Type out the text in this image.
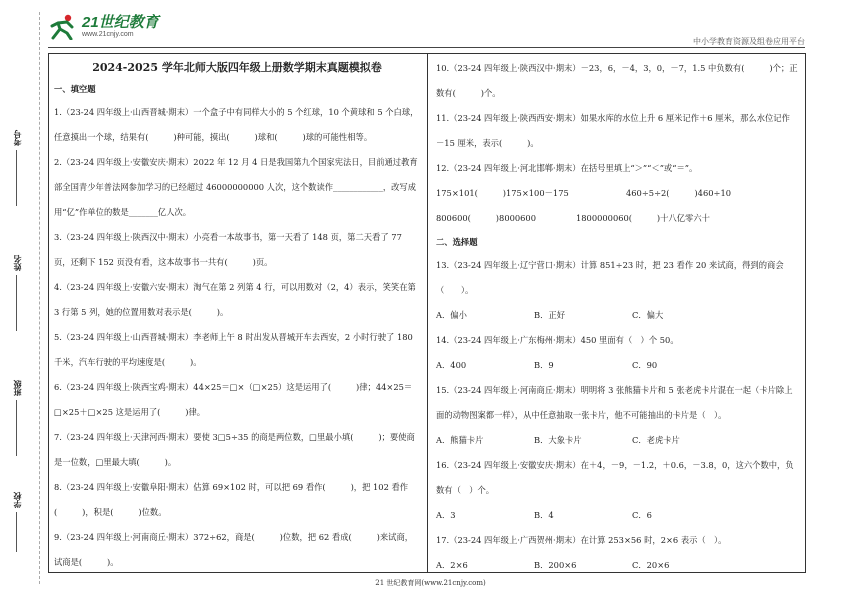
21世纪教育
www.21cnjy.com
中小学教育资源及组卷应用平台
考号
姓名
班级
学校
2024-2025 学年北师大版四年级上册数学期末真题模拟卷
一、填空题

1.（23-24 四年级上·山西晋城·期末）一个盒子中有同样大小的 5 个红球，10 个黄球和 5 个白球，任意摸出一个球，结果有(　　　)种可能，摸出(　　　)球和(　　　)球的可能性相等。

2.（23-24 四年级上·安徽安庆·期末）2022 年 12 月 4 日是我国第九个国家宪法日，目前通过教育部全国青少年普法网参加学习的已经超过 46000000000 人次，这个数读作____________，改写成用“亿”作单位的数是_______亿人次。

3.（23-24 四年级上·陕西汉中·期末）小亮看一本故事书，第一天看了 148 页，第二天看了 77 页，还剩下 152 页没有看，这本故事书一共有(　　　)页。

4.（23-24 四年级上·安徽六安·期末）淘气在第 2 列第 4 行，可以用数对（2，4）表示，笑笑在第 3 行第 5 列，她的位置用数对表示是(　　　)。

5.（23-24 四年级上·山西晋城·期末）李老师上午 8 时出发从晋城开车去西安，2 小时行驶了 180 千米，汽车行驶的平均速度是(　　　)。

6.（23-24 四年级上·陕西宝鸡·期末）44×25＝□×（□×25）这是运用了(　　　)律；44×25＝□×25＋□×25 这是运用了(　　　)律。

7.（23-24 四年级上·天津河西·期末）要使 3□5÷35 的商是两位数，□里最小填(　　　)；要使商是一位数，□里最大填(　　　)。

8.（23-24 四年级上·安徽阜阳·期末）估算 69×102 时，可以把 69 看作(　　　)，把 102 看作(　　　)，积是(　　　)位数。

9.（23-24 四年级上·河南商丘·期末）372÷62，商是(　　　)位数，把 62 看成(　　　)来试商，试商是(　　　)。

10.（23-24 四年级上·陕西汉中·期末）－23，6，－4，3，0，－7，1.5 中负数有(　　　)个；正数有(　　　)个。

11.（23-24 四年级上·陕西西安·期末）如果水库的水位上升 6 厘米记作＋6 厘米，那么水位记作－15 厘米，表示(　　　)。

12.（23-24 四年级上·河北邯郸·期末）在括号里填上“＞”“＜”或“＝”。

175×101(　　　)175×100－175	460÷5÷2(　　　)460÷10
800600(　　　)8000600	1800000060(　　　)十八亿零六十
二、选择题

13.（23-24 四年级上·辽宁营口·期末）计算 851÷23 时，把 23 看作 20 来试商，得到的商会（　　）。

A．偏小	B．正好	C．偏大

14.（23-24 四年级上·广东梅州·期末）450 里面有（　）个 50。

A．400	B．9	C．90

15.（23-24 四年级上·河南商丘·期末）明明将 3 张熊猫卡片和 5 张老虎卡片混在一起（卡片除上面的动物图案都一样），从中任意抽取一张卡片，他不可能抽出的卡片是（　）。

A．熊猫卡片	B．大象卡片	C．老虎卡片

16.（23-24 四年级上·安徽安庆·期末）在＋4，－9，－1.2，＋0.6，－3.8，0，这六个数中，负数有（　）个。

A．3	B．4	C．6

17.（23-24 四年级上·广西贺州·期末）在计算 253×56 时，2×6 表示（　）。

A．2×6	B．200×6	C．20×6
21 世纪教育网(www.21cnjy.com)
